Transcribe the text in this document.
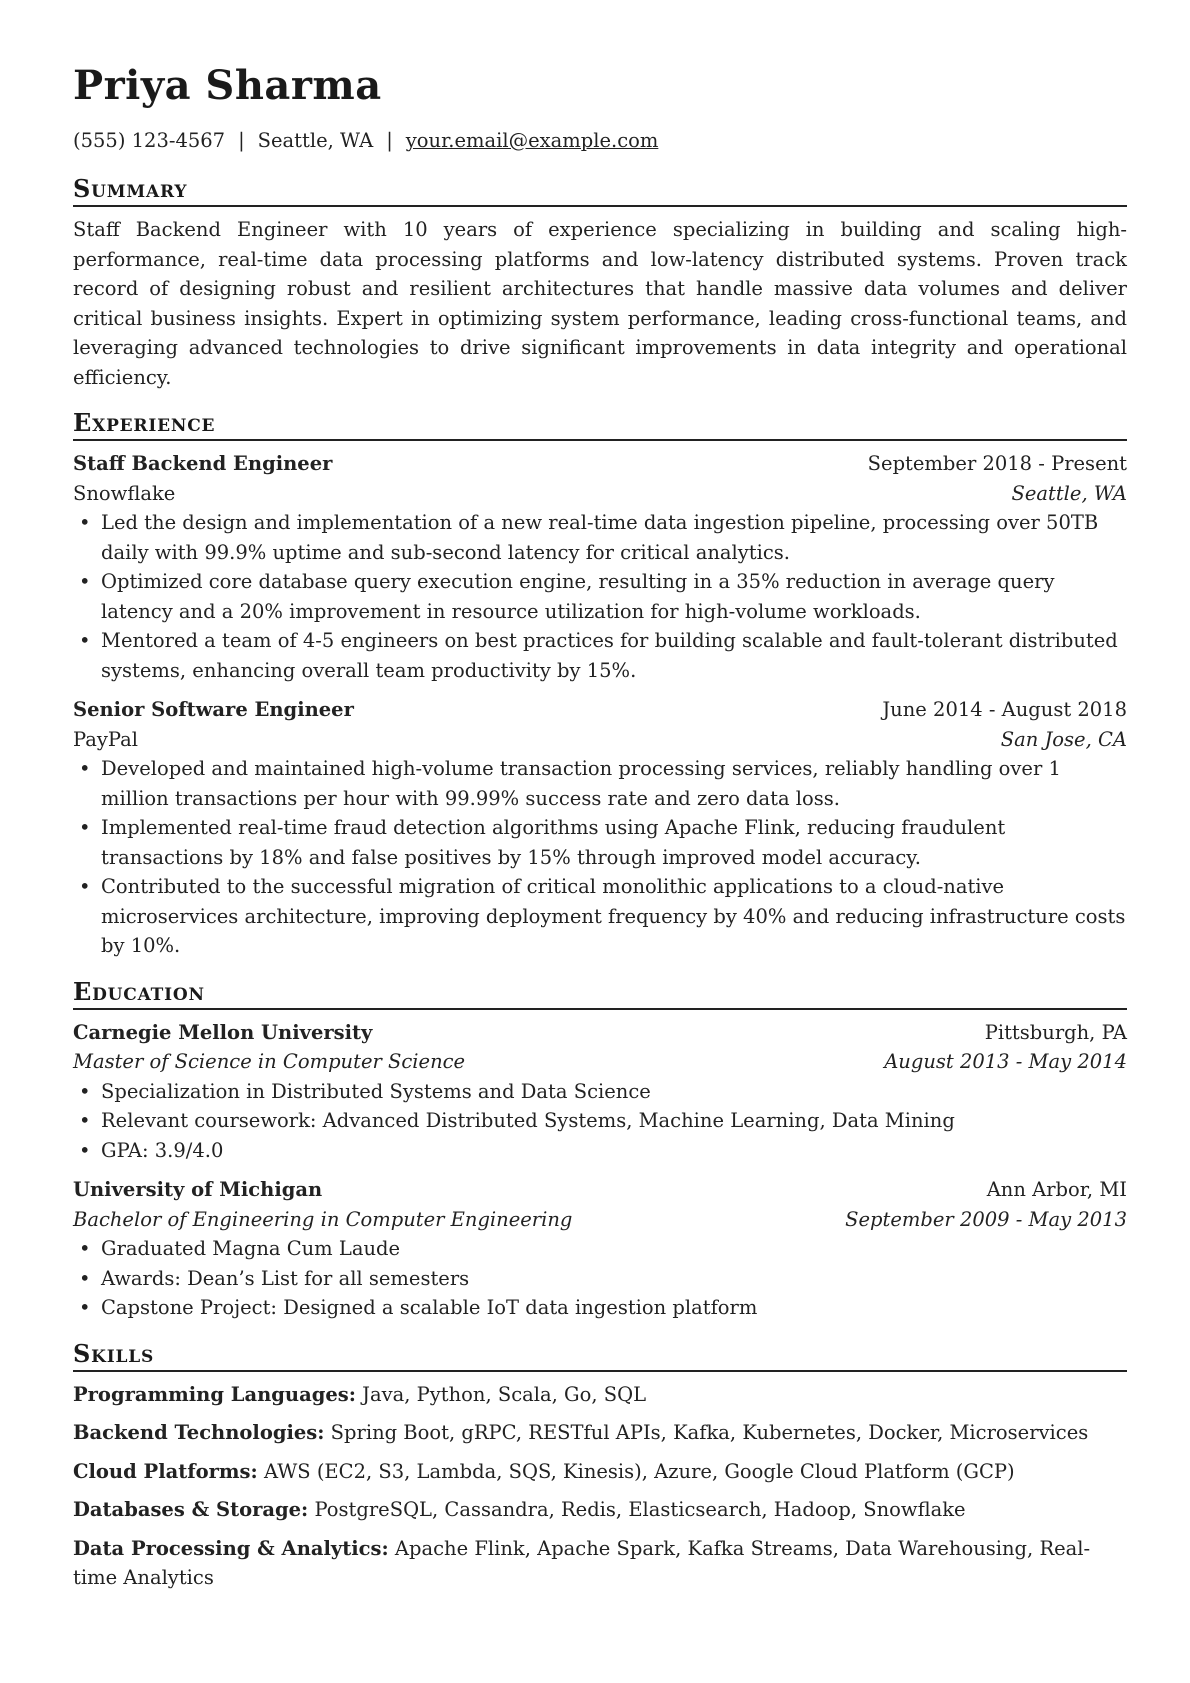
Priya Sharma
(555) 123-4567 | Seattle, WA | your.email@example.com
Summary

Staff Backend Engineer with 10 years of experience specializing in building and scaling high-performance, real-time data processing platforms and low-latency distributed systems. Proven track record of designing robust and resilient architectures that handle massive data volumes and deliver critical business insights. Expert in optimizing system performance, leading cross-functional teams, and leveraging advanced technologies to drive significant improvements in data integrity and operational efficiency.

Experience
Staff Backend Engineer	September 2018 - Present
Snowflake	Seattle, WA
• Led the design and implementation of a new real-time data ingestion pipeline, processing over 50TB daily with 99.9% uptime and sub-second latency for critical analytics.
• Optimized core database query execution engine, resulting in a 35% reduction in average query latency and a 20% improvement in resource utilization for high-volume workloads.
• Mentored a team of 4-5 engineers on best practices for building scalable and fault-tolerant distributed systems, enhancing overall team productivity by 15%.
Senior Software Engineer	June 2014 - August 2018
PayPal	San Jose, CA
• Developed and maintained high-volume transaction processing services, reliably handling over 1 million transactions per hour with 99.99% success rate and zero data loss.
• Implemented real-time fraud detection algorithms using Apache Flink, reducing fraudulent transactions by 18% and false positives by 15% through improved model accuracy.
• Contributed to the successful migration of critical monolithic applications to a cloud-native microservices architecture, improving deployment frequency by 40% and reducing infrastructure costs by 10%.
Education
Carnegie Mellon University	Pittsburgh, PA
Master of Science in Computer Science	August 2013 - May 2014
• Specialization in Distributed Systems and Data Science
• Relevant coursework: Advanced Distributed Systems, Machine Learning, Data Mining
• GPA: 3.9/4.0
University of Michigan	Ann Arbor, MI
Bachelor of Engineering in Computer Engineering	September 2009 - May 2013
• Graduated Magna Cum Laude
• Awards: Dean’s List for all semesters
• Capstone Project: Designed a scalable IoT data ingestion platform
Skills

Programming Languages: Java, Python, Scala, Go, SQL

Backend Technologies: Spring Boot, gRPC, RESTful APIs, Kafka, Kubernetes, Docker, Microservices

Cloud Platforms: AWS (EC2, S3, Lambda, SQS, Kinesis), Azure, Google Cloud Platform (GCP)

Databases & Storage: PostgreSQL, Cassandra, Redis, Elasticsearch, Hadoop, Snowflake

Data Processing & Analytics: Apache Flink, Apache Spark, Kafka Streams, Data Warehousing, Real-time Analytics
